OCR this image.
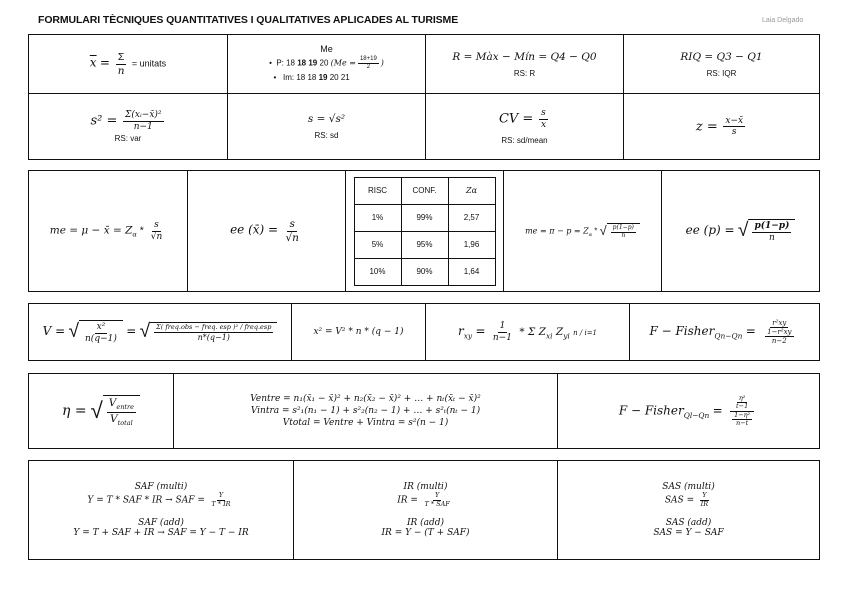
FORMULARI TÈCNIQUES QUANTITATIVES I QUALITATIVES APLICADES AL TURISME	Laia Delgado
$\overline{x} = \frac{\Sigma}{n}$ = unitats
Me
•  P: 18 18 19 20 ($Me = \frac{18+19}{2}$ )
•   Im: 18 18 19 20 21
R = Màx − Mín = Q4 − Q0
RS: R
RIQ = Q3 − Q1
RS: IQR
$s^2 = \frac{\text{Σ(xᵢ−x̄)²}}{n-1}$
RS: var
s = √s²
RS: sd
CV = $\frac{s}{x}$
RS: sd/mean
$z = \frac{x-x̄}{s}$
me = μ − x̄ = $Z_\alpha * \frac{s}{√n}$	ee (x̄) = $\frac{s}{√n}$
RISC	CONF.	Zα
1%	99%	2,57
5%	95%	1,96
10%	90%	1,64
me = $\pi - p = Z_\alpha$ * √ $\frac{p(1-p)}{n}$	ee (p) = √ $\frac{p(1-p)}{n}$
V = √ $\frac{\text{x²}}{n(q-1)}$ = √ $\frac{\text{Σ( freq.obs − freq. esp )² / freq.esp}}{n*(q-1)}$	x² = V² * n * (q − 1)	$r_{xy} = \frac{1}{n-1} * \Sigma$ $Z_{xi}$ $Z_{yi}$ n / i=1	F − Fisher$_{Qn-Qn}$ = $\frac{\text{r²xy}}{\frac{\text{1−r²xy}}{n-2}}$
η = √ $\frac{V_{entre}}{V_{total}}$	Ventre = n₁(x̄₁ − x̄)² + n₂(x̄₂ − x̄)² + … + nₜ(x̄ₜ − x̄)²
Vintra = s²₁(n₁ − 1) + s²₂(n₂ − 1) + … + s²ₜ(nₜ − 1)
Vtotal = Ventre + Vintra = s²(n − 1)
F − Fisher$_{Ql-Qn}$ = $\frac{\frac{\text{η²}}{t-1}}{\frac{\text{1−η²}}{n-t}}$
SAF (multi)
Y = T * SAF * IR → SAF = $\frac{Y}{T * IR}$
SAF (add)
Y = T + SAF + IR → SAF = Y − T − IR
IR (multi)
IR = $\frac{Y}{\text{T * SAF}}$
IR (add)
IR = Y − (T + SAF)
SAS (multi)
SAS = $\frac{Y}{IR}$
SAS (add)
SAS = Y − SAF
